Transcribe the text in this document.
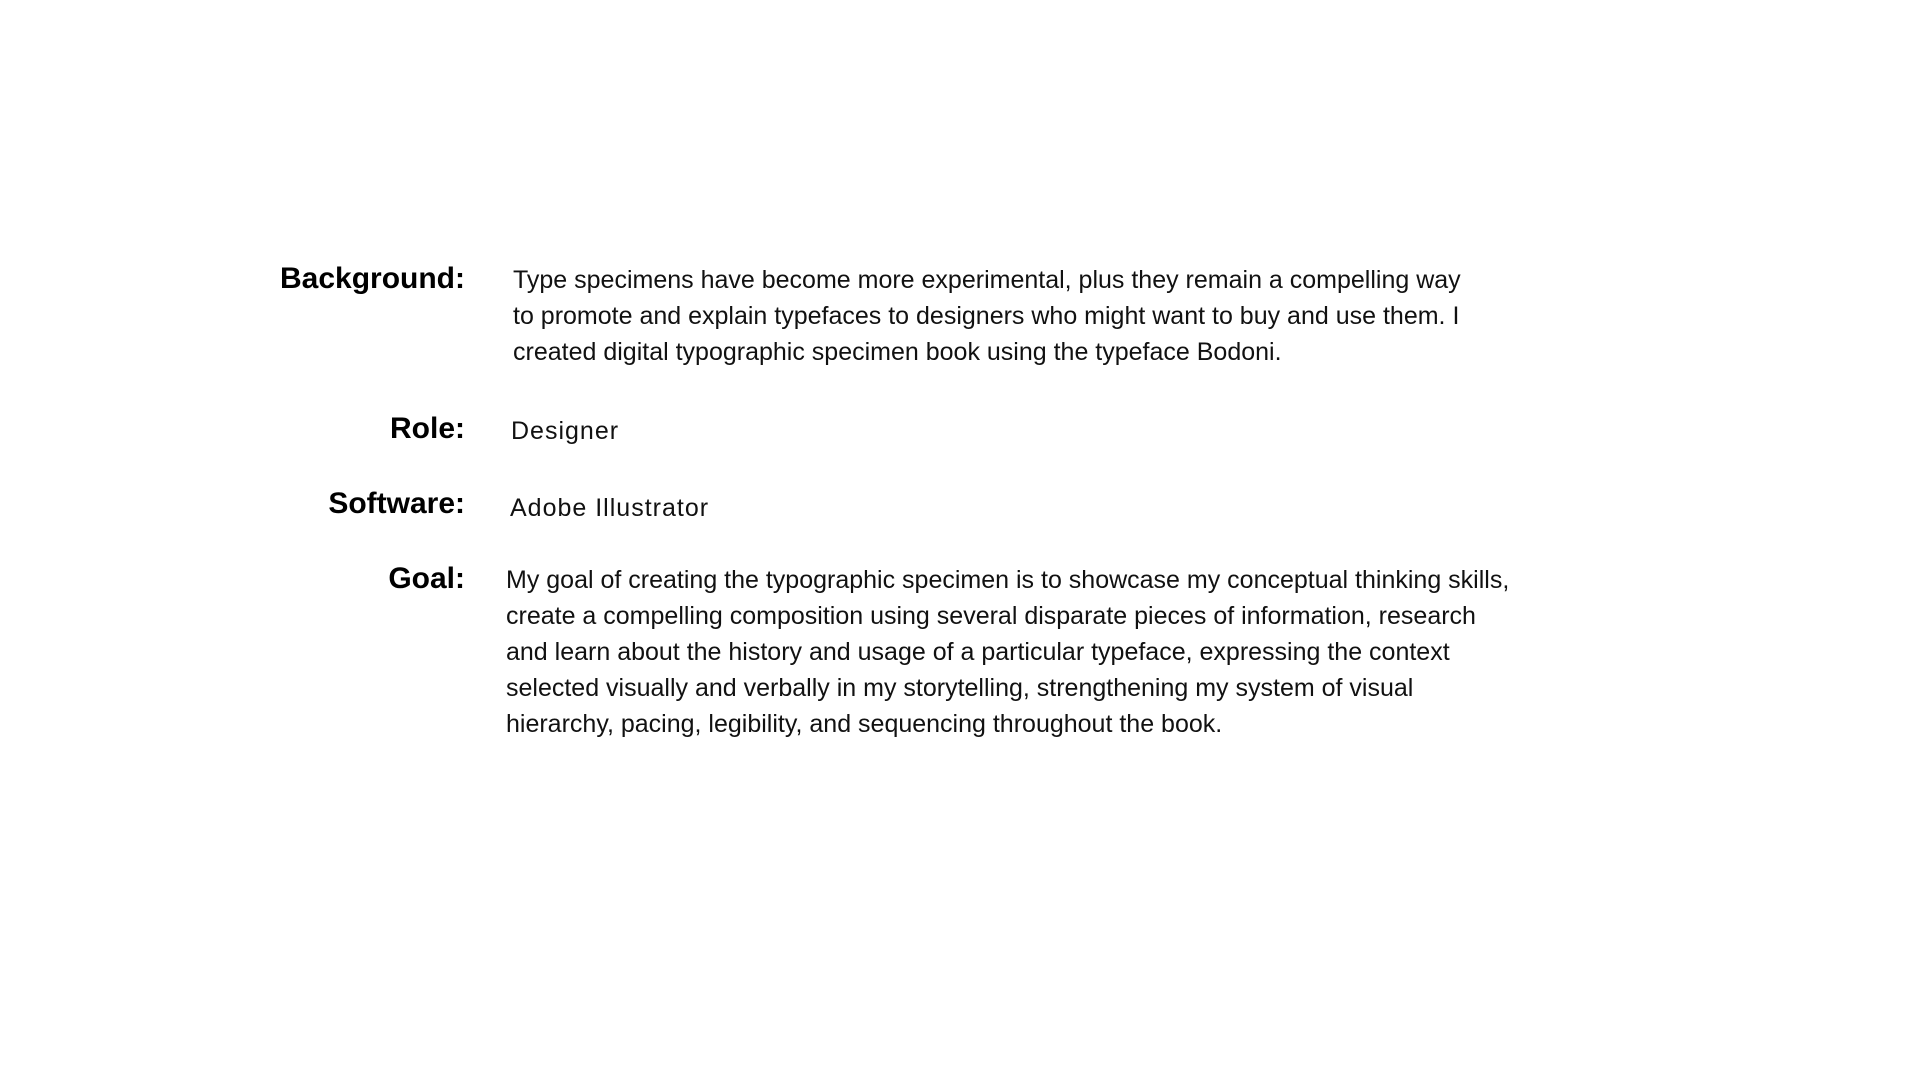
Background: Type specimens have become more experimental, plus they remain a compelling way

to promote and explain typefaces to designers who might want to buy and use them. I

created digital typographic specimen book using the typeface Bodoni.

Role: Designer
Software: Adobe Illustrator
Goal: My goal of creating the typographic specimen is to showcase my conceptual thinking skills,

create a compelling composition using several disparate pieces of information, research

and learn about the history and usage of a particular typeface, expressing the context

selected visually and verbally in my storytelling, strengthening my system of visual

hierarchy, pacing, legibility, and sequencing throughout the book.
